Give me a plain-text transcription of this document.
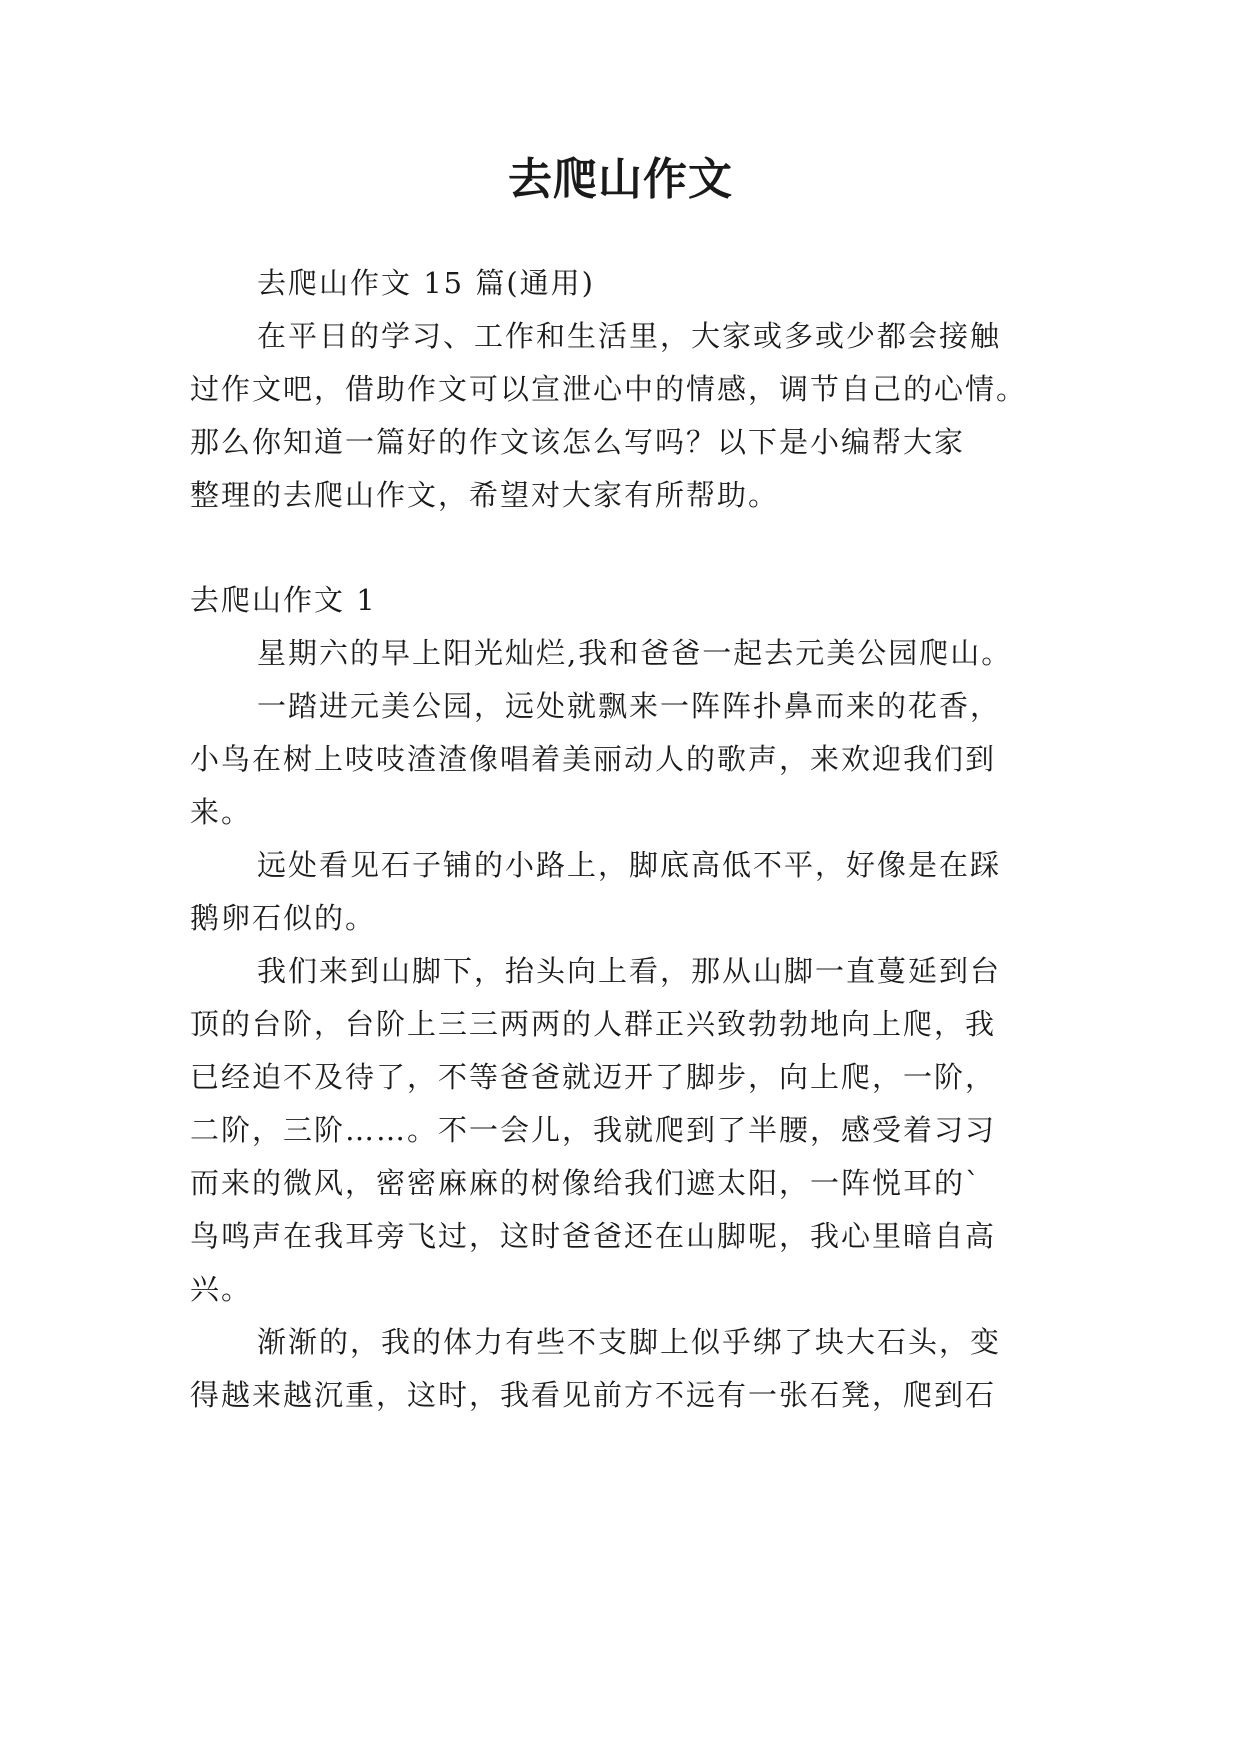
去爬山作文
去爬山作文 15 篇(通用)
在平日的学习、工作和生活里，大家或多或少都会接触
过作文吧，借助作文可以宣泄心中的情感，调节自己的心情。
那么你知道一篇好的作文该怎么写吗？以下是小编帮大家
整理的去爬山作文，希望对大家有所帮助。
去爬山作文 1
星期六的早上阳光灿烂,我和爸爸一起去元美公园爬山。
一踏进元美公园，远处就飘来一阵阵扑鼻而来的花香，
小鸟在树上吱吱渣渣像唱着美丽动人的歌声，来欢迎我们到
来。
远处看见石子铺的小路上，脚底高低不平，好像是在踩
鹅卵石似的。
我们来到山脚下，抬头向上看，那从山脚一直蔓延到台
顶的台阶，台阶上三三两两的人群正兴致勃勃地向上爬，我
已经迫不及待了，不等爸爸就迈开了脚步，向上爬，一阶，
二阶，三阶……。不一会儿，我就爬到了半腰，感受着习习
而来的微风，密密麻麻的树像给我们遮太阳，一阵悦耳的`
鸟鸣声在我耳旁飞过，这时爸爸还在山脚呢，我心里暗自高
兴。
渐渐的，我的体力有些不支脚上似乎绑了块大石头，变
得越来越沉重，这时，我看见前方不远有一张石凳，爬到石
